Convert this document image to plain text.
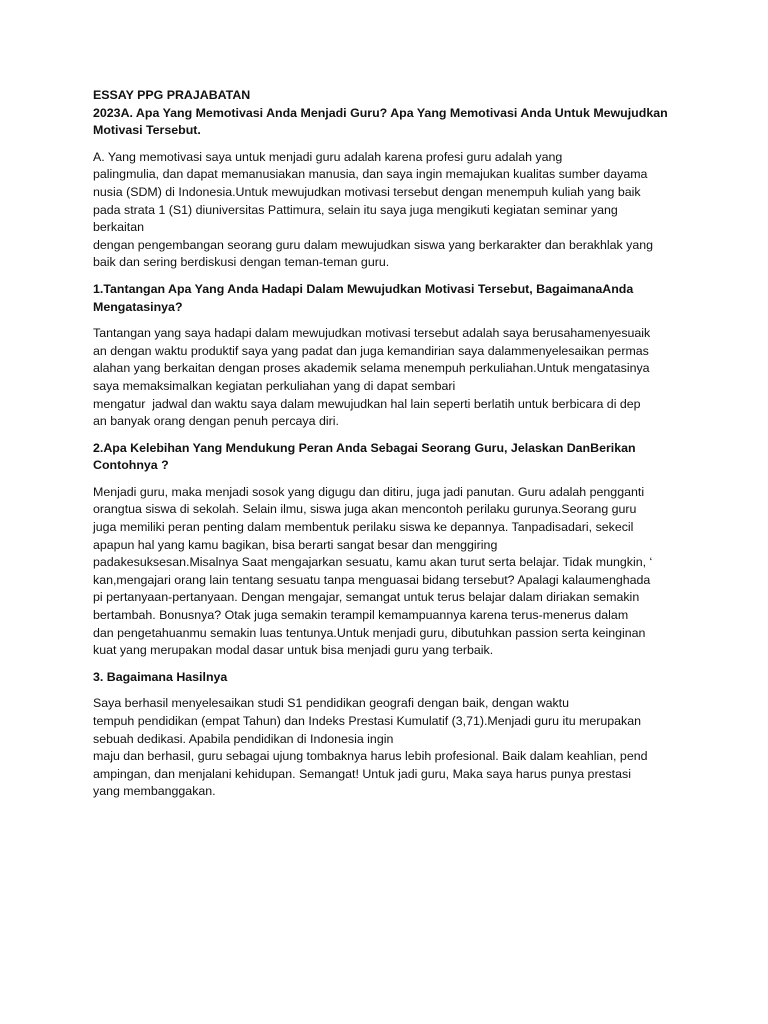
ESSAY PPG PRAJABATAN
2023A. Apa Yang Memotivasi Anda Menjadi Guru? Apa Yang Memotivasi Anda Untuk Mewujudkan
Motivasi Tersebut.
A. Yang memotivasi saya untuk menjadi guru adalah karena profesi guru adalah yang
palingmulia, dan dapat memanusiakan manusia, dan saya ingin memajukan kualitas sumber dayama
nusia (SDM) di Indonesia.Untuk mewujudkan motivasi tersebut dengan menempuh kuliah yang baik
pada strata 1 (S1) diuniversitas Pattimura, selain itu saya juga mengikuti kegiatan seminar yang
berkaitan
dengan pengembangan seorang guru dalam mewujudkan siswa yang berkarakter dan berakhlak yang
baik dan sering berdiskusi dengan teman-teman guru.
1.Tantangan Apa Yang Anda Hadapi Dalam Mewujudkan Motivasi Tersebut, BagaimanaAnda
Mengatasinya?
Tantangan yang saya hadapi dalam mewujudkan motivasi tersebut adalah saya berusahamenyesuaik
an dengan waktu produktif saya yang padat dan juga kemandirian saya dalammenyelesaikan permas
alahan yang berkaitan dengan proses akademik selama menempuh perkuliahan.Untuk mengatasinya
saya memaksimalkan kegiatan perkuliahan yang di dapat sembari
mengatur  jadwal dan waktu saya dalam mewujudkan hal lain seperti berlatih untuk berbicara di dep
an banyak orang dengan penuh percaya diri.
2.Apa Kelebihan Yang Mendukung Peran Anda Sebagai Seorang Guru, Jelaskan DanBerikan
Contohnya ?
Menjadi guru, maka menjadi sosok yang digugu dan ditiru, juga jadi panutan. Guru adalah pengganti
orangtua siswa di sekolah. Selain ilmu, siswa juga akan mencontoh perilaku gurunya.Seorang guru
juga memiliki peran penting dalam membentuk perilaku siswa ke depannya. Tanpadisadari, sekecil
apapun hal yang kamu bagikan, bisa berarti sangat besar dan menggiring
padakesuksesan.Misalnya Saat mengajarkan sesuatu, kamu akan turut serta belajar. Tidak mungkin, ‘
kan,mengajari orang lain tentang sesuatu tanpa menguasai bidang tersebut? Apalagi kalaumenghada
pi pertanyaan-pertanyaan. Dengan mengajar, semangat untuk terus belajar dalam diriakan semakin
bertambah. Bonusnya? Otak juga semakin terampil kemampuannya karena terus-menerus dalam
dan pengetahuanmu semakin luas tentunya.Untuk menjadi guru, dibutuhkan passion serta keinginan
kuat yang merupakan modal dasar untuk bisa menjadi guru yang terbaik.
3. Bagaimana Hasilnya
Saya berhasil menyelesaikan studi S1 pendidikan geografi dengan baik, dengan waktu
tempuh pendidikan (empat Tahun) dan Indeks Prestasi Kumulatif (3,71).Menjadi guru itu merupakan
sebuah dedikasi. Apabila pendidikan di Indonesia ingin
maju dan berhasil, guru sebagai ujung tombaknya harus lebih profesional. Baik dalam keahlian, pend
ampingan, dan menjalani kehidupan. Semangat! Untuk jadi guru, Maka saya harus punya prestasi
yang membanggakan.
